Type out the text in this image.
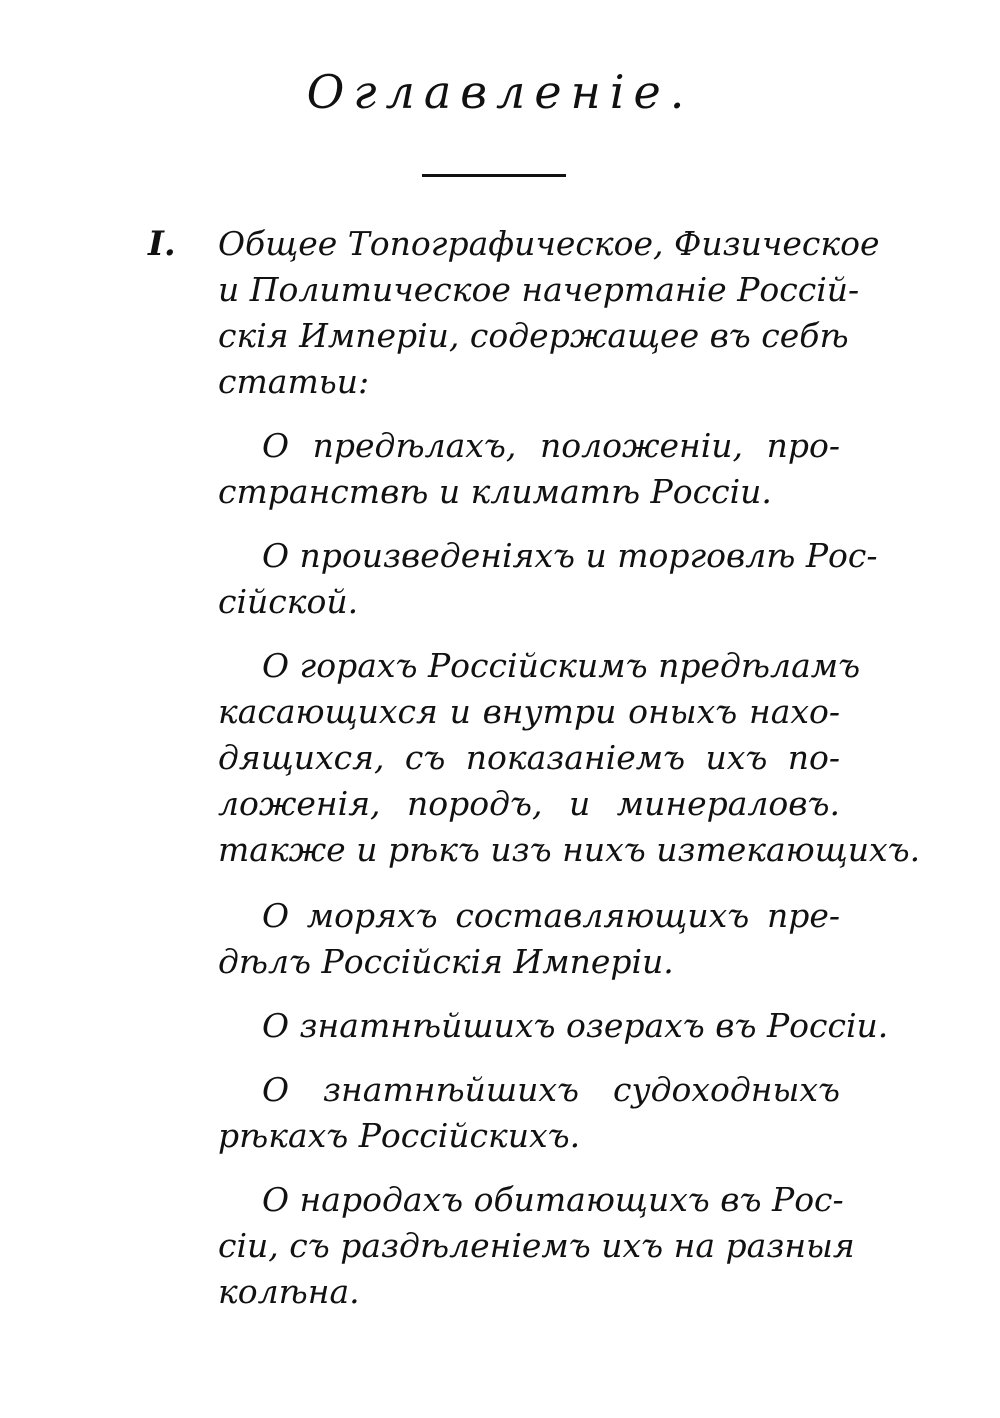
Оглавленіе.
I. Общее Топографическое, Физическое
и Политическое начертаніе Россій-
скія Имперіи, содержащее въ себѣ
статьи:
О предѣлахъ, положеніи, про-
странствѣ и климатѣ Россіи.
О произведеніяхъ и торговлѣ Рос-
сійской.
О горахъ Россійскимъ предѣламъ
касающихся и внутри оныхъ нахо-
дящихся, съ показаніемъ ихъ по-
ложенія, породъ, и минераловъ.
также и рѣкъ изъ нихъ изтекающихъ.
О моряхъ составляющихъ пре-
дѣлъ Россійскія Имперіи.
О знатнѣйшихъ озерахъ въ Россіи.
О знатнѣйшихъ судоходныхъ
рѣкахъ Россійскихъ.
О народахъ обитающихъ въ Рос-
сіи, съ раздѣленіемъ ихъ на разныя
колѣна.
